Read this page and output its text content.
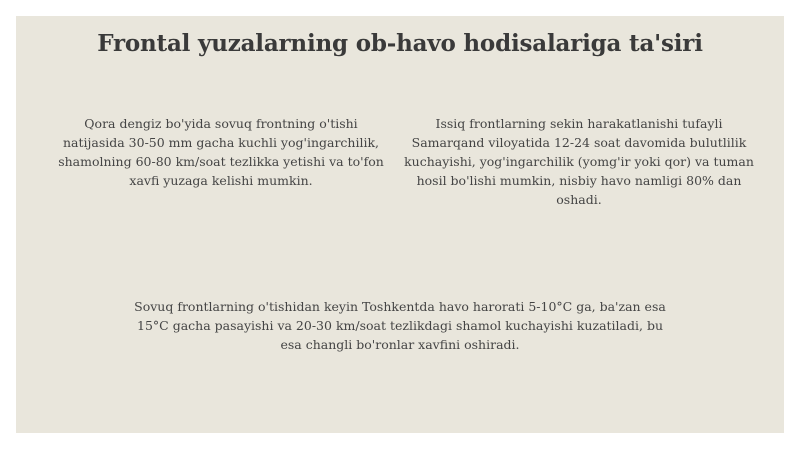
Frontal yuzalarning ob-havo hodisalariga ta'siri

Qora dengiz bo'yida sovuq frontning o'tishi natijasida 30-50 mm gacha kuchli yog'ingarchilik, shamolning 60-80 km/soat tezlikka yetishi va to'fon xavfi yuzaga kelishi mumkin.

Issiq frontlarning sekin harakatlanishi tufayli Samarqand viloyatida 12-24 soat davomida bulutlilik kuchayishi, yog'ingarchilik (yomg'ir yoki qor) va tuman hosil bo'lishi mumkin, nisbiy havo namligi 80% dan oshadi.

Sovuq frontlarning o'tishidan keyin Toshkentda havo harorati 5-10°C ga, ba'zan esa 15°C gacha pasayishi va 20-30 km/soat tezlikdagi shamol kuchayishi kuzatiladi, bu esa changli bo'ronlar xavfini oshiradi.
